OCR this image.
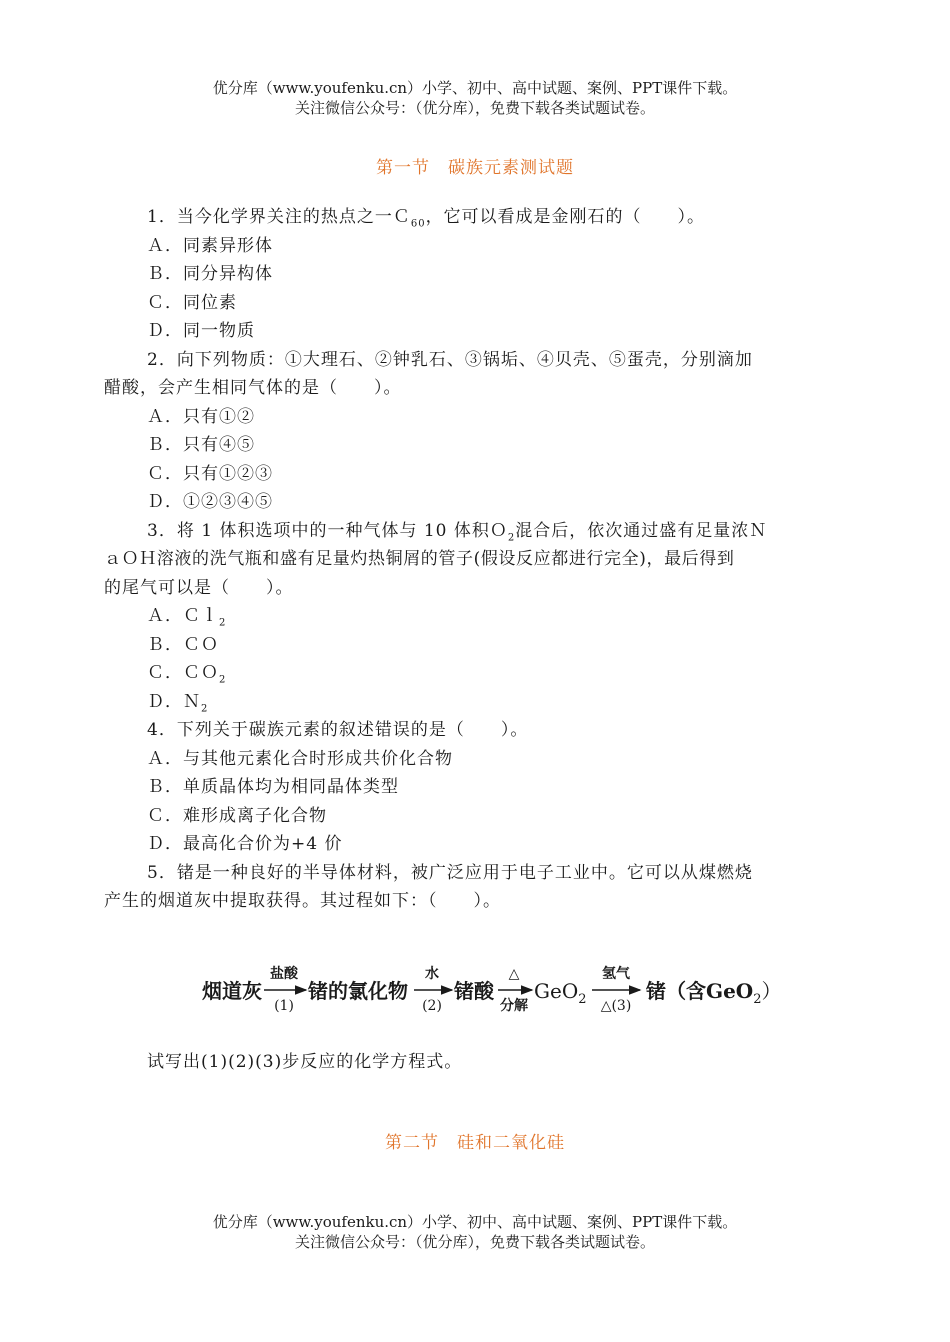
优分库（www.youfenku.cn）小学、初中、高中试题、案例、PPT课件下载。
关注微信公众号：（优分库），免费下载各类试题试卷。
第一节　碳族元素测试题
1．当今化学界关注的热点之一Ｃ$_{60}$，它可以看成是金刚石的（　　）。
Ａ．同素异形体
Ｂ．同分异构体
Ｃ．同位素
Ｄ．同一物质
2．向下列物质：①大理石、②钟乳石、③锅垢、④贝壳、⑤蛋壳，分别滴加
醋酸，会产生相同气体的是（　　）。
Ａ．只有①②
Ｂ．只有④⑤
Ｃ．只有①②③
Ｄ．①②③④⑤
3．将 1 体积选项中的一种气体与 10 体积Ｏ$_2$混合后，依次通过盛有足量浓Ｎ
ａＯＨ溶液的洗气瓶和盛有足量灼热铜屑的管子(假设反应都进行完全)，最后得到
的尾气可以是（　　）。
Ａ．Ｃｌ$_2$
Ｂ．ＣＯ
Ｃ．ＣＯ$_2$
Ｄ．Ｎ$_2$
4．下列关于碳族元素的叙述错误的是（　　）。
Ａ．与其他元素化合时形成共价化合物
Ｂ．单质晶体均为相同晶体类型
Ｃ．难形成离子化合物
Ｄ．最高化合价为+4 价
5．锗是一种良好的半导体材料，被广泛应用于电子工业中。它可以从煤燃烧
产生的烟道灰中提取获得。其过程如下：（　　）。
烟道灰
盐酸
(1)
锗的氯化物
水
(2)
锗酸
△
分解
GeO$_2$
氢气
△(3)
锗（含GeO$_2$）
试写出(1)(2)(3)步反应的化学方程式。
第二节　硅和二氧化硅
优分库（www.youfenku.cn）小学、初中、高中试题、案例、PPT课件下载。
关注微信公众号：（优分库），免费下载各类试题试卷。
